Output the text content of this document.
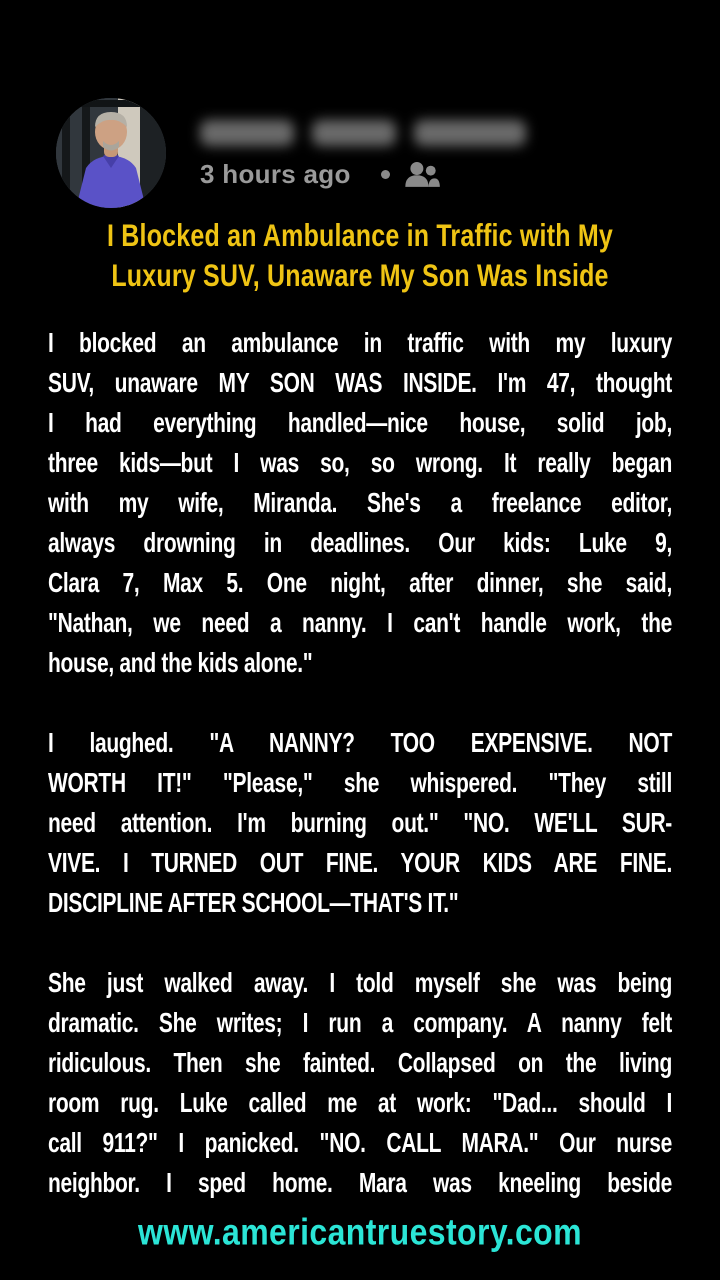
3 hours ago
I Blocked an Ambulance in Traffic with My
Luxury SUV, Unaware My Son Was Inside
I blocked an ambulance in traffic with my luxury
SUV, unaware MY SON WAS INSIDE. I'm 47, thought
I had everything handled—nice house, solid job,
three kids—but I was so, so wrong. It really began
with my wife, Miranda. She's a freelance editor,
always drowning in deadlines. Our kids: Luke 9,
Clara 7, Max 5. One night, after dinner, she said,
"Nathan, we need a nanny. I can't handle work, the
house, and the kids alone."
I laughed. "A NANNY? TOO EXPENSIVE. NOT
WORTH IT!" "Please," she whispered. "They still
need attention. I'm burning out." "NO. WE'LL SUR-
VIVE. I TURNED OUT FINE. YOUR KIDS ARE FINE.
DISCIPLINE AFTER SCHOOL—THAT'S IT."
She just walked away. I told myself she was being
dramatic. She writes; I run a company. A nanny felt
ridiculous. Then she fainted. Collapsed on the living
room rug. Luke called me at work: "Dad... should I
call 911?" I panicked. "NO. CALL MARA." Our nurse
neighbor. I sped home. Mara was kneeling beside
www.americantruestory.com
